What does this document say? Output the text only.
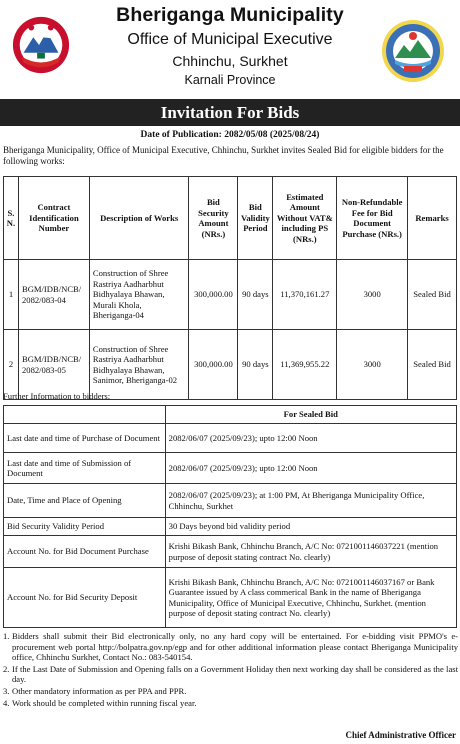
Bheriganga Municipality
Office of Municipal Executive
Chhinchu, Surkhet
Karnali Province
Invitation For Bids
Date of Publication: 2082/05/08 (2025/08/24)
Bheriganga Municipality, Office of Municipal Executive, Chhinchu, Surkhet invites Sealed Bid for eligible bidders for the following works:
S. N.	Contract Identification Number	Description of Works	Bid Security Amount (NRs.)	Bid Validity Period	Estimated Amount Without VAT& including PS (NRs.)	Non-Refundable Fee for Bid Document Purchase (NRs.)	Remarks
1	BGM/IDB/NCB/ 2082/083-04	Construction of Shree Rastriya Aadharbhut Bidhyalaya Bhawan, Murali Khola, Bheriganga-04	300,000.00	90 days	11,370,161.27	3000	Sealed Bid
2	BGM/IDB/NCB/ 2082/083-05	Construction of Shree Rastriya Aadharbhut Bidhyalaya Bhawan, Sanimor, Bheriganga-02	300,000.00	90 days	11,369,955.22	3000	Sealed Bid
Further Information to bidders:
	For Sealed Bid
Last date and time of Purchase of Document	2082/06/07 (2025/09/23); upto 12:00 Noon
Last date and time of Submission of Document	2082/06/07 (2025/09/23); upto 12:00 Noon
Date, Time and Place of Opening	2082/06/07 (2025/09/23); at 1:00 PM, At Bheriganga Municipality Office, Chhinchu, Surkhet
Bid Security Validity Period	30 Days beyond bid validity period
Account No. for Bid Document Purchase	Krishi Bikash Bank, Chhinchu Branch, A/C No: 0721001146037221 (mention purpose of deposit stating contract No. clearly)
Account No. for Bid Security Deposit	Krishi Bikash Bank, Chhinchu Branch, A/C No: 0721001146037167 or Bank Guarantee issued by A class commerical Bank in the name of Bheriganga Municipality, Office of Municipal Executive, Chhinchu, Surkhet. (mention purpose of deposit stating contract No. clearly)
1. Bidders shall submit their Bid electronically only, no any hard copy will be entertained. For e-bidding visit PPMO's e-procurement web portal http://bolpatra.gov.np/egp and for other additional information please contact Bheriganga Municipality office, Chhinchu Surkhet, Contact No.: 083-540154.
2. If the Last Date of Submission and Opening falls on a Government Holiday then next working day shall be considered as the last day.
3. Other mandatory information as per PPA and PPR.
4. Work should be completed within running fiscal year.
Chief Administrative Officer
